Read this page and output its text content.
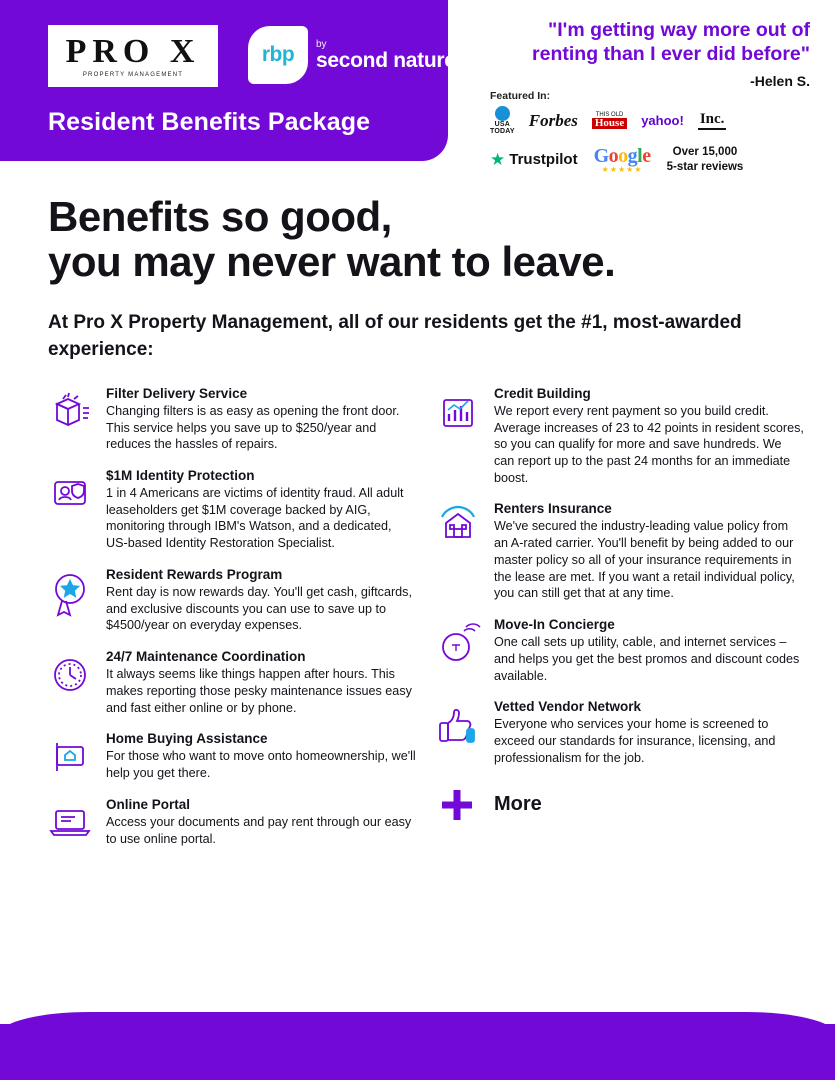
PRO X
PROPERTY MANAGEMENT
rbp by
second nature
Resident Benefits Package
"I'm getting way more out of renting than I ever did before"
-Helen S.
Featured In:
USA
TODAY
Forbes	THIS OLD
House yahoo! Inc.
★ Trustpilot Google
★★★★★
Over 15,000
5-star reviews
Benefits so good,
you may never want to leave.
At Pro X Property Management, all of our residents get the #1, most-awarded experience:
Filter Delivery Service

Changing filters is as easy as opening the front door. This service helps you save up to $250/year and reduces the hassles of repairs.

$1M Identity Protection

1 in 4 Americans are victims of identity fraud. All adult leaseholders get $1M coverage backed by AIG, monitoring through IBM's Watson, and a dedicated, US-based Identity Restoration Specialist.

Resident Rewards Program

Rent day is now rewards day. You'll get cash, giftcards, and exclusive discounts you can use to save up to $4500/year on everyday expenses.

24/7 Maintenance Coordination

It always seems like things happen after hours. This makes reporting those pesky maintenance issues easy and fast either online or by phone.

Home Buying Assistance

For those who want to move onto homeownership, we'll help you get there.

Online Portal

Access your documents and pay rent through our easy to use online portal.

Credit Building

We report every rent payment so you build credit. Average increases of 23 to 42 points in resident scores, so you can qualify for more and save hundreds. We can report up to the past 24 months for an immediate boost.

Renters Insurance

We've secured the industry-leading value policy from an A-rated carrier. You'll benefit by being added to our master policy so all of your insurance requirements in the lease are met. If you want a retail individual policy, you can still get that at any time.

Move-In Concierge

One call sets up utility, cable, and internet services – and helps you get the best promos and discount codes available.

Vetted Vendor Network

Everyone who services your home is screened to exceed our standards for insurance, licensing, and professionalism for the job.

More
